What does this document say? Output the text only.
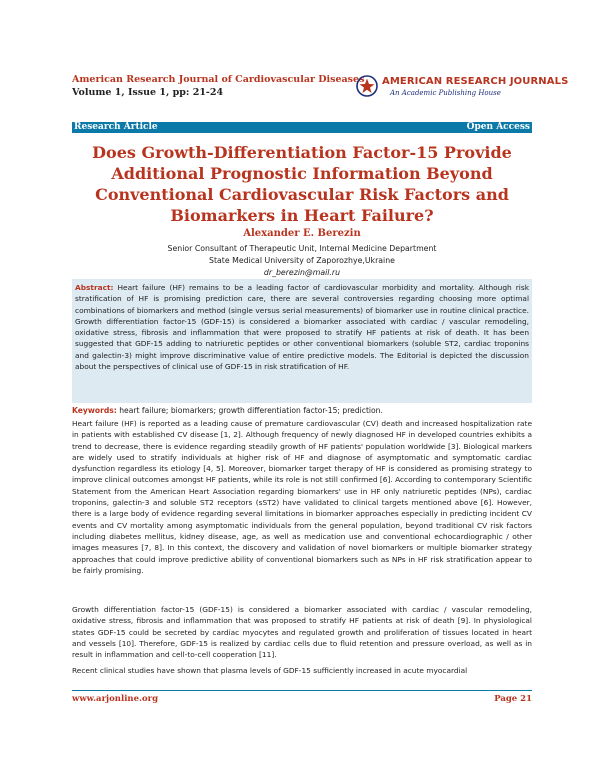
American Research Journal of Cardiovascular Diseases
Volume 1, Issue 1, pp: 21-24
AMERICAN RESEARCH JOURNALS
An Academic Publishing House
Research Article	Open Access
Does Growth-Differentiation Factor-15 Provide
Additional Prognostic Information Beyond
Conventional Cardiovascular Risk Factors and
Biomarkers in Heart Failure?
Alexander E. Berezin
Senior Consultant of Therapeutic Unit, Internal Medicine Department
State Medical University of Zaporozhye,Ukraine
dr_berezin@mail.ru
Abstract: Heart failure (HF) remains to be a leading factor of cardiovascular morbidity and mortality. Although risk stratification of HF is promising prediction care, there are several controversies regarding choosing more optimal combinations of biomarkers and method (single versus serial measurements) of biomarker use in routine clinical practice. Growth differentiation factor-15 (GDF-15) is considered a biomarker associated with cardiac / vascular remodeling, oxidative stress, fibrosis and inflammation that were proposed to stratify HF patients at risk of death. It has been suggested that GDF-15 adding to natriuretic peptides or other conventional biomarkers (soluble ST2, cardiac troponins and galectin-3) might improve discriminative value of entire predictive models. The Editorial is depicted the discussion about the perspectives of clinical use of GDF-15 in risk stratification of HF.
Keywords: heart failure; biomarkers; growth differentiation factor-15; prediction.
Heart failure (HF) is reported as a leading cause of premature cardiovascular (CV) death and increased hospitalization rate in patients with established CV disease [1, 2]. Although frequency of newly diagnosed HF in developed countries exhibits a trend to decrease, there is evidence regarding steadily growth of HF patients' population worldwide [3]. Biological markers are widely used to stratify individuals at higher risk of HF and diagnose of asymptomatic and symptomatic cardiac dysfunction regardless its etiology [4, 5]. Moreover, biomarker target therapy of HF is considered as promising strategy to improve clinical outcomes amongst HF patients, while its role is not still confirmed [6]. According to contemporary Scientific Statement from the American Heart Association regarding biomarkers' use in HF only natriuretic peptides (NPs), cardiac troponins, galectin-3 and soluble ST2 receptors (sST2) have validated to clinical targets mentioned above [6]. However, there is a large body of evidence regarding several limitations in biomarker approaches especially in predicting incident CV events and CV mortality among asymptomatic individuals from the general population, beyond traditional CV risk factors including diabetes mellitus, kidney disease, age, as well as medication use and conventional echocardiographic / other images measures [7, 8]. In this context, the discovery and validation of novel biomarkers or multiple biomarker strategy approaches that could improve predictive ability of conventional biomarkers such as NPs in HF risk stratification appear to be fairly promising.
Growth differentiation factor-15 (GDF-15) is considered a biomarker associated with cardiac / vascular remodeling, oxidative stress, fibrosis and inflammation that was proposed to stratify HF patients at risk of death [9]. In physiological states GDF-15 could be secreted by cardiac myocytes and regulated growth and proliferation of tissues located in heart and vessels [10]. Therefore, GDF-15 is realized by cardiac cells due to fluid retention and pressure overload, as well as in result in inflammation and cell-to-cell cooperation [11].
Recent clinical studies have shown that plasma levels of GDF-15 sufficiently increased in acute myocardial
www.arjonline.org	Page 21
